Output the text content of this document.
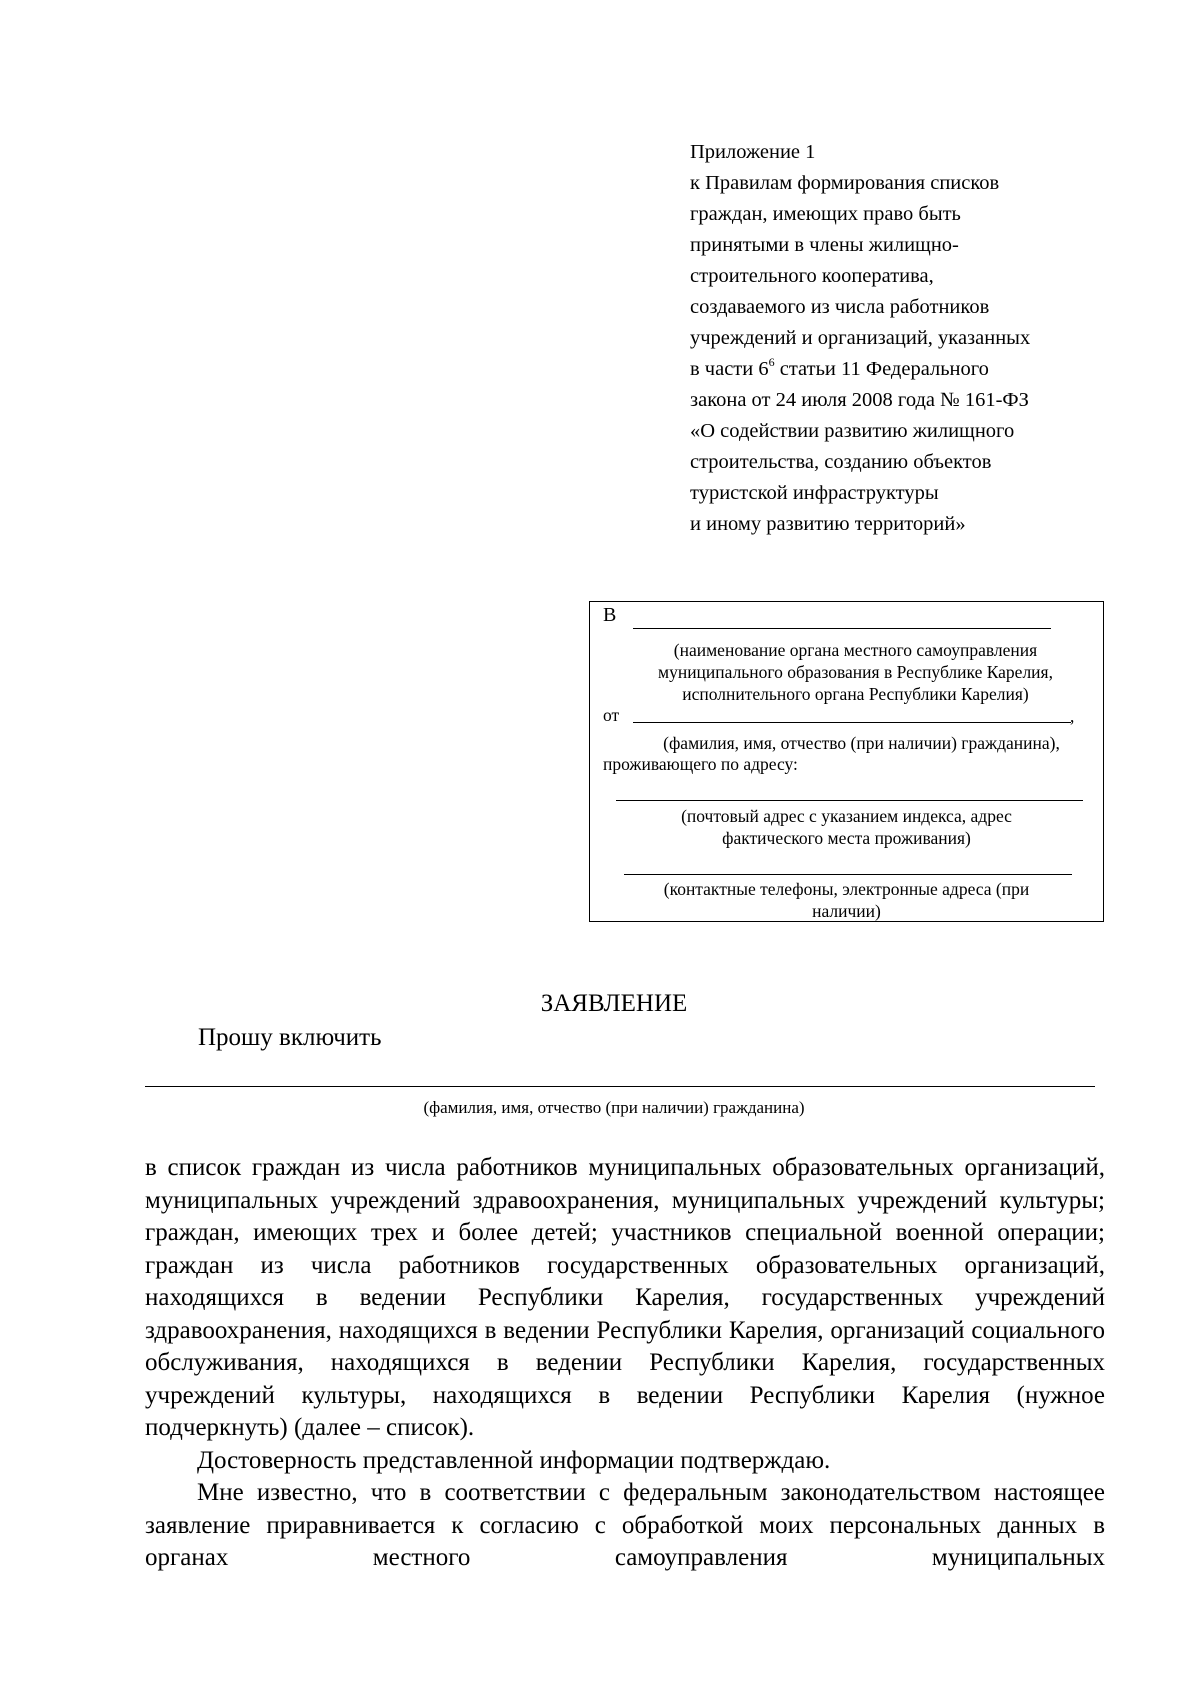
Приложение 1
к Правилам формирования списков
граждан, имеющих право быть
принятыми в члены жилищно-
строительного кооператива,
создаваемого из числа работников
учреждений и организаций, указанных
в части $6^6$ статьи 11 Федерального
закона от 24 июля 2008 года № 161-ФЗ
«О содействии развитию жилищного
строительства, созданию объектов
туристской инфраструктуры
и иному развитию территорий»
В
(наименование органа местного самоуправления
муниципального образования в Республике Карелия,
исполнительного органа Республики Карелия)
от	,
(фамилия, имя, отчество (при наличии) гражданина),
проживающего по адресу:
(почтовый адрес с указанием индекса, адрес
фактического места проживания)
(контактные телефоны, электронные адреса (при
наличии)
ЗАЯВЛЕНИЕ
Прошу включить
(фамилия, имя, отчество (при наличии) гражданина)

в список граждан из числа работников муниципальных образовательных организаций, муниципальных учреждений здравоохранения, муниципальных учреждений культуры; граждан, имеющих трех и более детей; участников специальной военной операции; граждан из числа работников государственных образовательных организаций, находящихся в ведении Республики Карелия, государственных учреждений здравоохранения, находящихся в ведении Республики Карелия, организаций социального обслуживания, находящихся в ведении Республики Карелия, государственных учреждений культуры, находящихся в ведении Республики Карелия (нужное подчеркнуть) (далее – список).

Достоверность представленной информации подтверждаю.

Мне известно, что в соответствии с федеральным законодательством настоящее заявление приравнивается к согласию с обработкой моих персональных данных в органах местного самоуправления муниципальных
